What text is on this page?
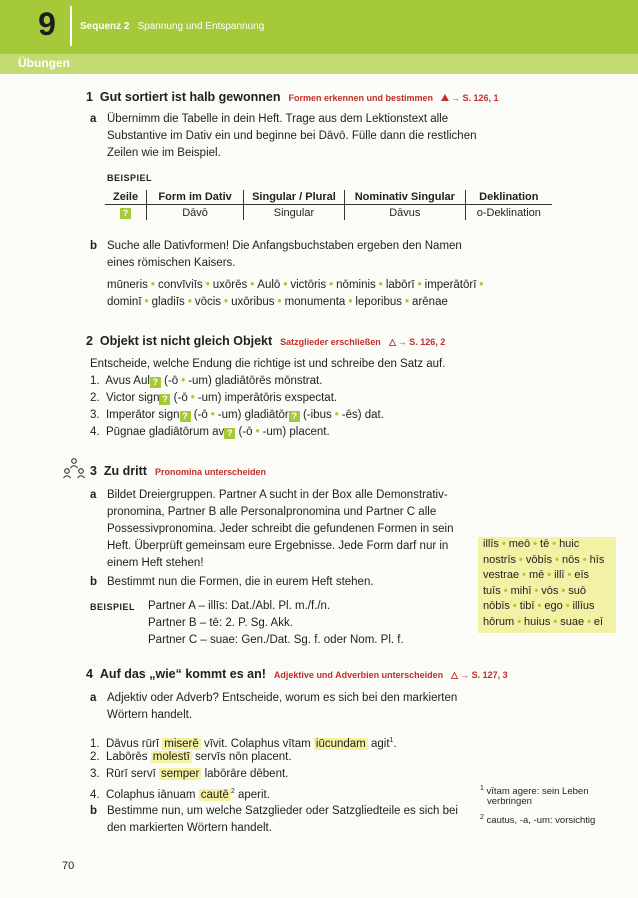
9	Sequenz 2 Spannung und Entspannung
Übungen
1 Gut sortiert ist halb gewonnen Formen erkennen und bestimmen → S. 126, 1
a Übernimm die Tabelle in dein Heft. Trage aus dem Lektionstext alle
Substantive im Dativ ein und beginne bei Dāvō. Fülle dann die restlichen
Zeilen wie im Beispiel.
BEISPIEL
Zeile	Form im Dativ	Singular / Plural	Nominativ Singular	Deklination
?	Dāvō	Singular	Dāvus	o-Deklination
b Suche alle Dativformen! Die Anfangsbuchstaben ergeben den Namen
eines römischen Kaisers.
mūneris • convīviīs • uxōrēs • Aulō • victōris • nōminis • labōrī • imperātōrī •
dominī • gladiīs • vōcis • uxōribus • monumenta • leporibus • arēnae
2 Objekt ist nicht gleich Objekt Satzglieder erschließen → S. 126, 2
Entscheide, welche Endung die richtige ist und schreibe den Satz auf.
1. Avus Aul ? (-ō • -um) gladiātōrēs mōnstrat.
2. Victor sign ? (-ō • -um) imperātōris exspectat.
3. Imperātor sign ? (-ō • -um) gladiātōr ? (-ibus • -ēs) dat.
4. Pūgnae gladiātōrum av ? (-ō • -um) placent.
3 Zu dritt Pronomina unterscheiden
a Bildet Dreiergruppen. Partner A sucht in der Box alle Demonstrativ-
pronomina, Partner B alle Personalpronomina und Partner C alle
Possessivpronomina. Jeder schreibt die gefundenen Formen in sein
Heft. Überprüft gemeinsam eure Ergebnisse. Jede Form darf nur in
einem Heft stehen!
b Bestimmt nun die Formen, die in eurem Heft stehen.
BEISPIEL Partner A – illīs: Dat./Abl. Pl. m./f./n.
Partner B – tē: 2. P. Sg. Akk.
Partner C – suae: Gen./Dat. Sg. f. oder Nom. Pl. f.
illīs • meō • tē • huic
nostrīs • vōbīs • nōs • hīs
vestrae • mē • illī • eīs
tuīs • mihī • vōs • suō
nōbīs • tibī • ego • illīus
hōrum • huius • suae • eī
4 Auf das „wie“ kommt es an! Adjektive und Adverbien unterscheiden → S. 127, 3
a Adjektiv oder Adverb? Entscheide, worum es sich bei den markierten
Wörtern handelt.
1. Dāvus rūrī miserē vīvit. Colaphus vītam iūcundam agit$^1$.
2. Labōrēs molestī servīs nōn placent.
3. Rūrī servī semper labōrāre dēbent.
4. Colaphus iānuam cautē $^2$ aperit.
b Bestimme nun, um welche Satzglieder oder Satzgliedteile es sich bei
den markierten Wörtern handelt.
$^1$ vītam agere: sein Leben
verbringen
$^2$ cautus, -a, -um: vorsichtig
70
